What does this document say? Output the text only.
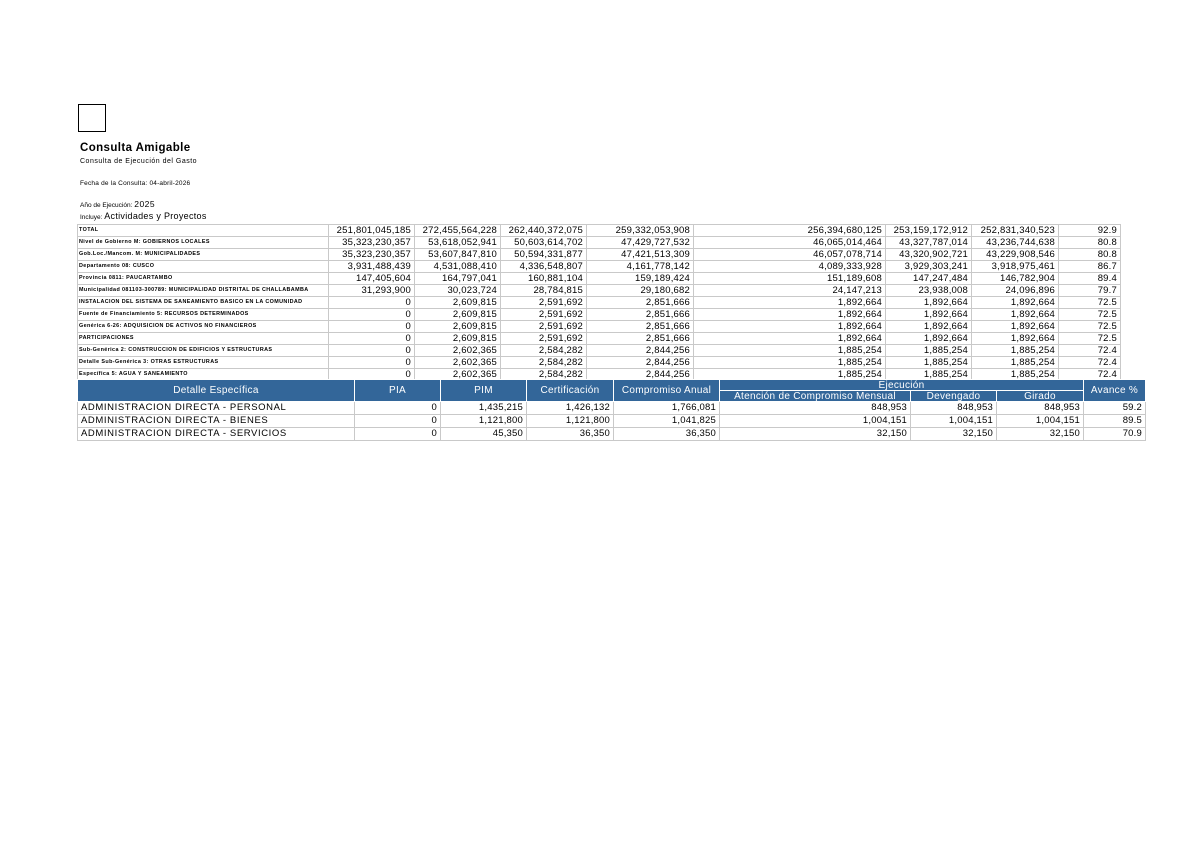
Consulta Amigable
Consulta de Ejecución del Gasto
Fecha de la Consulta: 04-abril-2026
Año de Ejecución: 2025
Incluye: Actividades y Proyectos
TOTAL	251,801,045,185	272,455,564,228	262,440,372,075	259,332,053,908	256,394,680,125	253,159,172,912	252,831,340,523	92.9
Nivel de Gobierno M: GOBIERNOS LOCALES	35,323,230,357	53,618,052,941	50,603,614,702	47,429,727,532	46,065,014,464	43,327,787,014	43,236,744,638	80.8
Gob.Loc./Mancom. M: MUNICIPALIDADES	35,323,230,357	53,607,847,810	50,594,331,877	47,421,513,309	46,057,078,714	43,320,902,721	43,229,908,546	80.8
Departamento 08: CUSCO	3,931,488,439	4,531,088,410	4,336,548,807	4,161,778,142	4,089,333,928	3,929,303,241	3,918,975,461	86.7
Provincia 0811: PAUCARTAMBO	147,405,604	164,797,041	160,881,104	159,189,424	151,189,608	147,247,484	146,782,904	89.4
Municipalidad 081103-300789: MUNICIPALIDAD DISTRITAL DE CHALLABAMBA	31,293,900	30,023,724	28,784,815	29,180,682	24,147,213	23,938,008	24,096,896	79.7
INSTALACION DEL SISTEMA DE SANEAMIENTO BASICO EN LA COMUNIDAD	0	2,609,815	2,591,692	2,851,666	1,892,664	1,892,664	1,892,664	72.5
Fuente de Financiamiento 5: RECURSOS DETERMINADOS	0	2,609,815	2,591,692	2,851,666	1,892,664	1,892,664	1,892,664	72.5
Genérica 6-26: ADQUISICION DE ACTIVOS NO FINANCIEROS	0	2,609,815	2,591,692	2,851,666	1,892,664	1,892,664	1,892,664	72.5
PARTICIPACIONES	0	2,609,815	2,591,692	2,851,666	1,892,664	1,892,664	1,892,664	72.5
Sub-Genérica 2: CONSTRUCCION DE EDIFICIOS Y ESTRUCTURAS	0	2,602,365	2,584,282	2,844,256	1,885,254	1,885,254	1,885,254	72.4
Detalle Sub-Genérica 3: OTRAS ESTRUCTURAS	0	2,602,365	2,584,282	2,844,256	1,885,254	1,885,254	1,885,254	72.4
Específica 5: AGUA Y SANEAMIENTO	0	2,602,365	2,584,282	2,844,256	1,885,254	1,885,254	1,885,254	72.4
Detalle Específica	PIA	PIM	Certificación	Compromiso Anual	Ejecución			Avance %
					Atención de Compromiso Mensual	Devengado	Girado	
ADMINISTRACION DIRECTA - PERSONAL	0	1,435,215	1,426,132	1,766,081	848,953	848,953	848,953	59.2
ADMINISTRACION DIRECTA - BIENES	0	1,121,800	1,121,800	1,041,825	1,004,151	1,004,151	1,004,151	89.5
ADMINISTRACION DIRECTA - SERVICIOS	0	45,350	36,350	36,350	32,150	32,150	32,150	70.9
